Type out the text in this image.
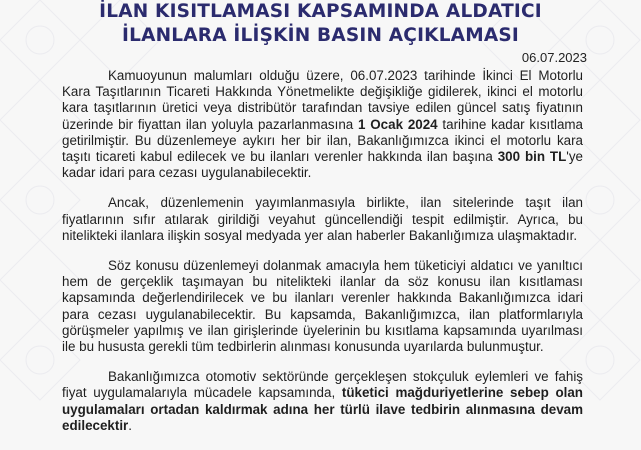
İLAN KISITLAMASI KAPSAMINDA ALDATICI
İLANLARA İLİŞKİN BASIN AÇIKLAMASI
06.07.2023

Kamuoyunun malumları olduğu üzere, 06.07.2023 tarihinde İkinci El Motorlu Kara Taşıtlarının Ticareti Hakkında Yönetmelikte değişikliğe gidilerek, ikinci el motorlu kara taşıtlarının üretici veya distribütör tarafından tavsiye edilen güncel satış fiyatının üzerinde bir fiyattan ilan yoluyla pazarlanmasına 1 Ocak 2024 tarihine kadar kısıtlama getirilmiştir. Bu düzenlemeye aykırı her bir ilan, Bakanlığımızca ikinci el motorlu kara taşıtı ticareti kabul edilecek ve bu ilanları verenler hakkında ilan başına 300 bin TL'ye kadar idari para cezası uygulanabilecektir.

Ancak, düzenlemenin yayımlanmasıyla birlikte, ilan sitelerinde taşıt ilan fiyatlarının sıfır atılarak girildiği veyahut güncellendiği tespit edilmiştir. Ayrıca, bu nitelikteki ilanlara ilişkin sosyal medyada yer alan haberler Bakanlığımıza ulaşmaktadır.

Söz konusu düzenlemeyi dolanmak amacıyla hem tüketiciyi aldatıcı ve yanıltıcı hem de gerçeklik taşımayan bu nitelikteki ilanlar da söz konusu ilan kısıtlaması kapsamında değerlendirilecek ve bu ilanları verenler hakkında Bakanlığımızca idari para cezası uygulanabilecektir. Bu kapsamda, Bakanlığımızca, ilan platformlarıyla görüşmeler yapılmış ve ilan girişlerinde üyelerinin bu kısıtlama kapsamında uyarılması ile bu hususta gerekli tüm tedbirlerin alınması konusunda uyarılarda bulunmuştur.

Bakanlığımızca otomotiv sektöründe gerçekleşen stokçuluk eylemleri ve fahiş fiyat uygulamalarıyla mücadele kapsamında, tüketici mağduriyetlerine sebep olan uygulamaları ortadan kaldırmak adına her türlü ilave tedbirin alınmasına devam edilecektir.
